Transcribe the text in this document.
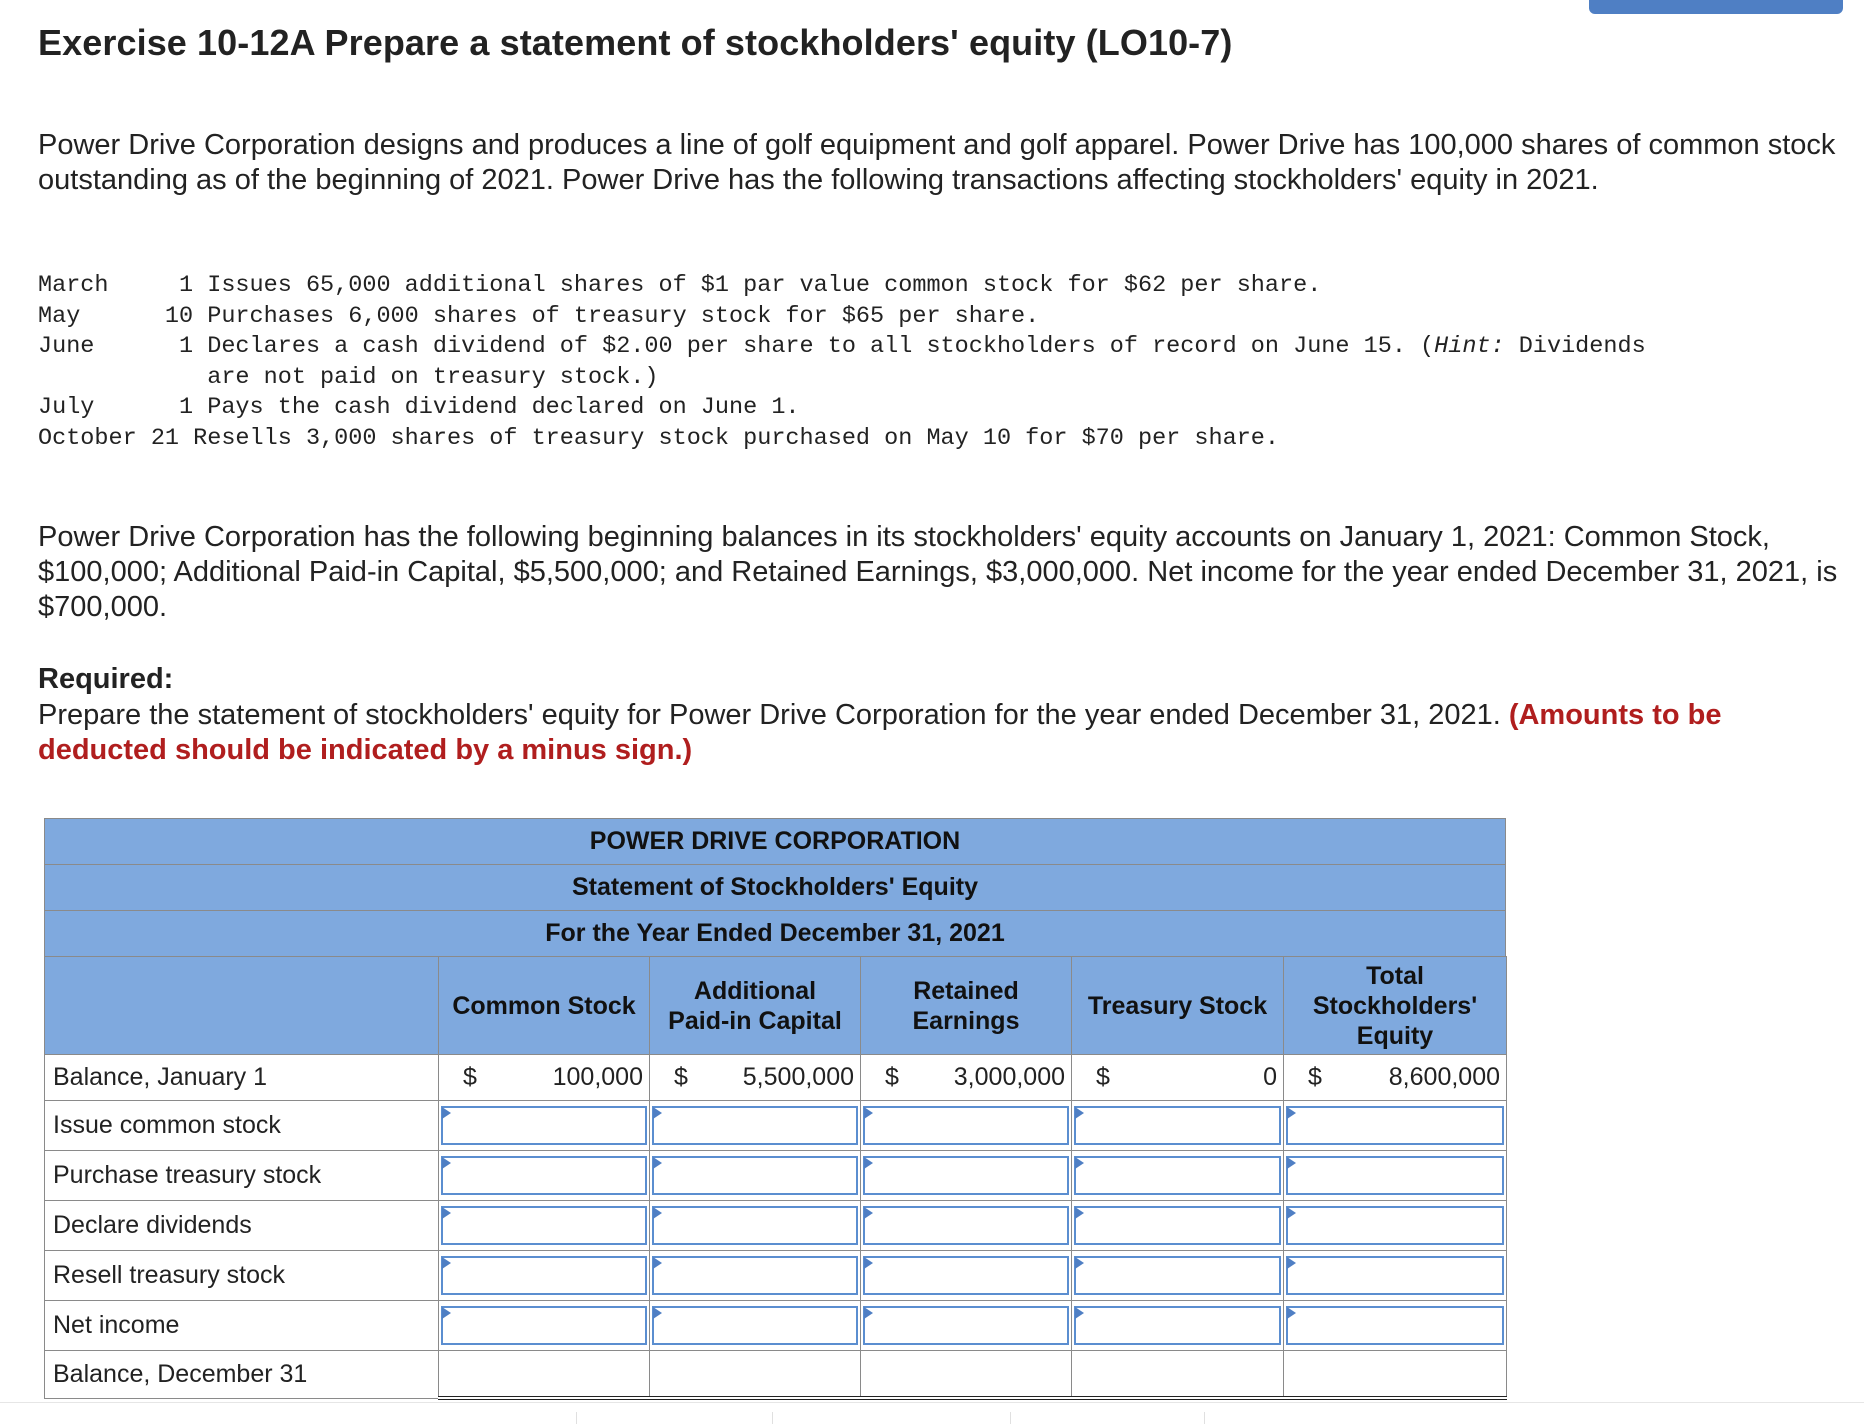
Exercise 10-12A Prepare a statement of stockholders' equity (LO10-7)

Power Drive Corporation designs and produces a line of golf equipment and golf apparel. Power Drive has 100,000 shares of common stock outstanding as of the beginning of 2021. Power Drive has the following transactions affecting stockholders' equity in 2021.

March     1 Issues 65,000 additional shares of $1 par value common stock for $62 per share.
May      10 Purchases 6,000 shares of treasury stock for $65 per share.
June      1 Declares a cash dividend of $2.00 per share to all stockholders of record on June 15. (Hint: Dividends
are not paid on treasury stock.)
July      1 Pays the cash dividend declared on June 1.
October 21 Resells 3,000 shares of treasury stock purchased on May 10 for $70 per share.

Power Drive Corporation has the following beginning balances in its stockholders' equity accounts on January 1, 2021: Common Stock, $100,000; Additional Paid-in Capital, $5,500,000; and Retained Earnings, $3,000,000. Net income for the year ended December 31, 2021, is $700,000.

Required:

Prepare the statement of stockholders' equity for Power Drive Corporation for the year ended December 31, 2021. (Amounts to be deducted should be indicated by a minus sign.)

POWER DRIVE CORPORATION
Statement of Stockholders' Equity
For the Year Ended December 31, 2021
	Common Stock	Additional
Paid-in Capital	Retained
Earnings	Treasury Stock	Total
Stockholders'
Equity
Balance, January 1	$ 100,000	$ 5,500,000	$ 3,000,000	$ 0	$ 8,600,000

Issue common stock	

Purchase treasury stock	

Declare dividends	

Resell treasury stock	

Net income	

Balance, December 31					
